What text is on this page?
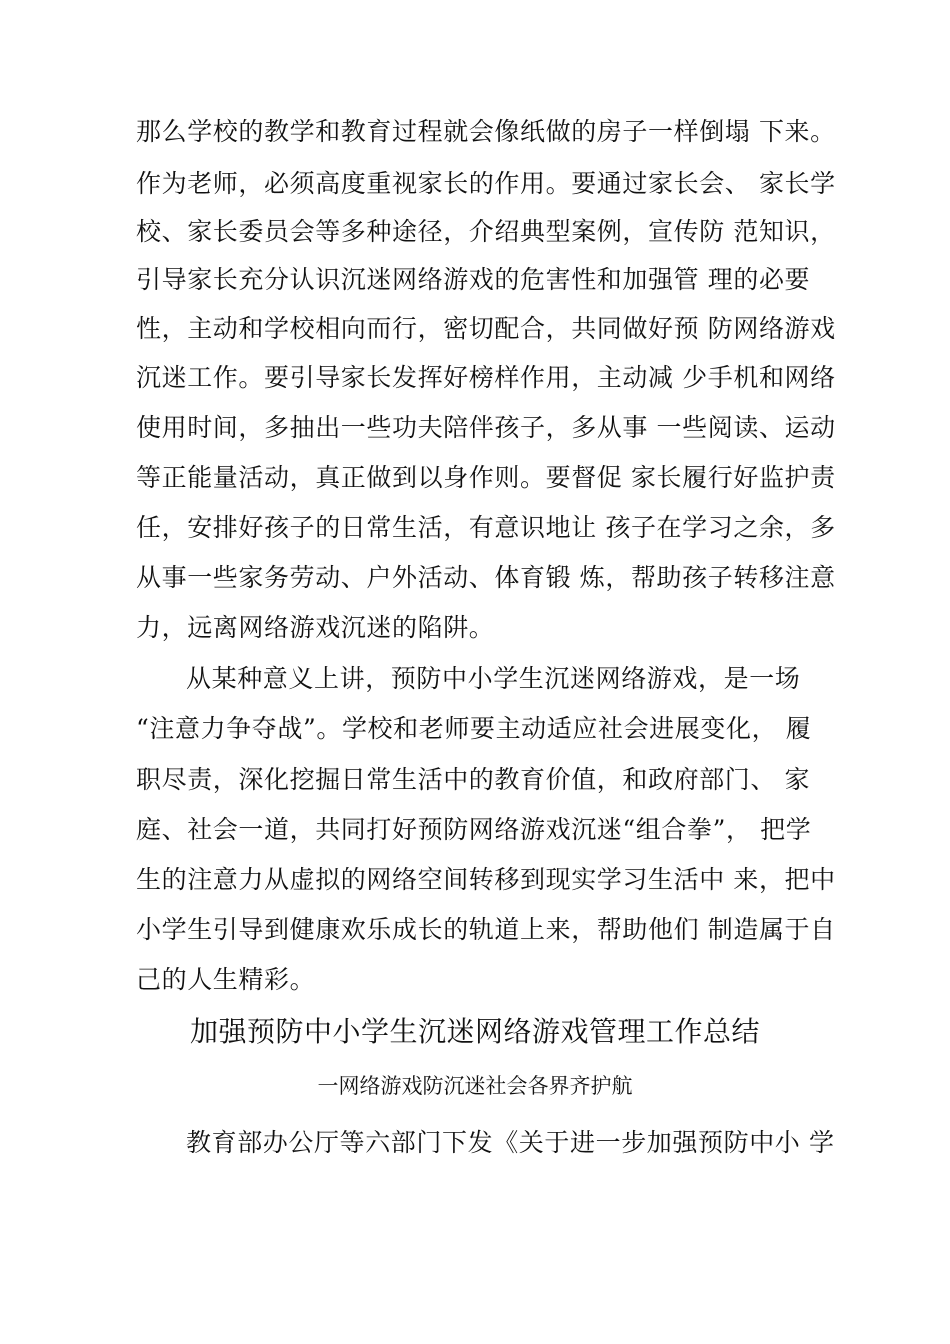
那么学校的教学和教育过程就会像纸做的房子一样倒塌 下来。
作为老师，必须高度重视家长的作用。要通过家长会、 家长学
校、家长委员会等多种途径，介绍典型案例，宣传防 范知识，
引导家长充分认识沉迷网络游戏的危害性和加强管 理的必要
性，主动和学校相向而行，密切配合，共同做好预 防网络游戏
沉迷工作。要引导家长发挥好榜样作用，主动减 少手机和网络
使用时间，多抽出一些功夫陪伴孩子，多从事 一些阅读、运动
等正能量活动，真正做到以身作则。要督促 家长履行好监护责
任，安排好孩子的日常生活，有意识地让 孩子在学习之余，多
从事一些家务劳动、户外活动、体育锻 炼，帮助孩子转移注意
力，远离网络游戏沉迷的陷阱。
从某种意义上讲，预防中小学生沉迷网络游戏，是一场
“注意力争夺战”。学校和老师要主动适应社会进展变化， 履
职尽责，深化挖掘日常生活中的教育价值，和政府部门、 家
庭、社会一道，共同打好预防网络游戏沉迷“组合拳”， 把学
生的注意力从虚拟的网络空间转移到现实学习生活中 来，把中
小学生引导到健康欢乐成长的轨道上来，帮助他们 制造属于自
己的人生精彩。
加强预防中小学生沉迷网络游戏管理工作总结
一网络游戏防沉迷社会各界齐护航
教育部办公厅等六部门下发《关于进一步加强预防中小 学
